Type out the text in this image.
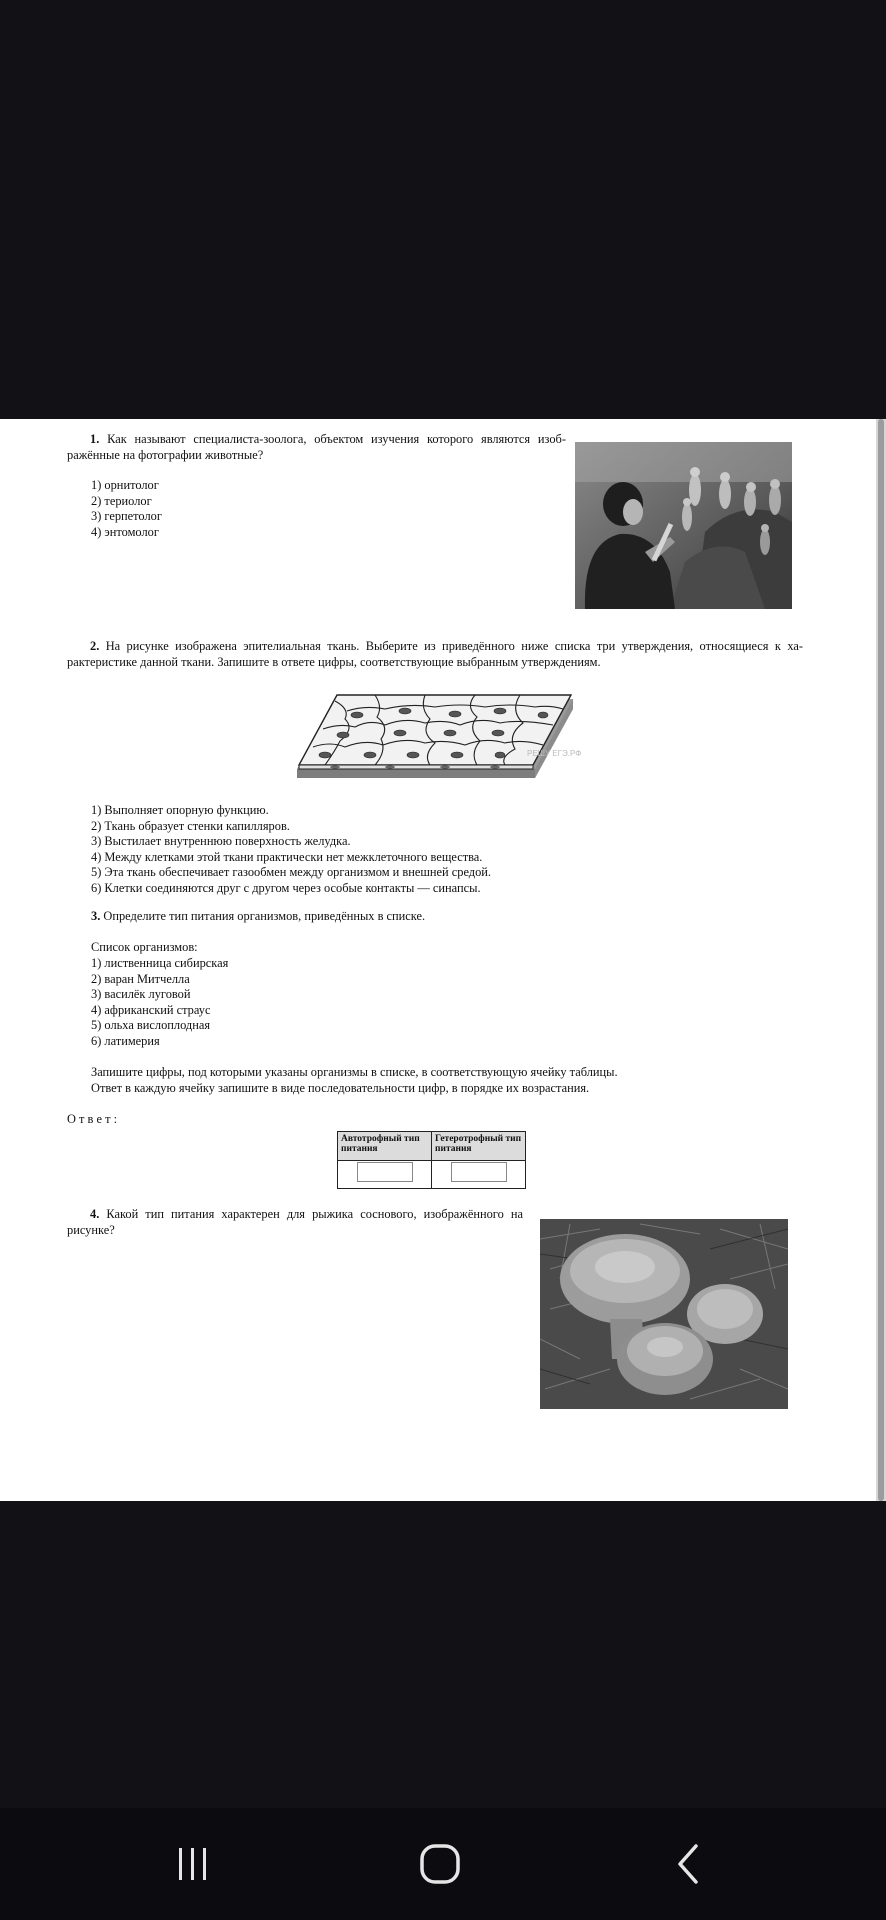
1. Как называют специалиста-зоолога, объектом изучения которого являются изоб-ражённые на фотографии животные?
1) орнитолог
2) териолог
3) герпетолог
4) энтомолог
2. На рисунке изображена эпителиальная ткань. Выберите из приведённого ниже списка три утверждения, относящиеся к ха-рактеристике данной ткани. Запишите в ответе цифры, соответствующие выбранным утверждениям.
РЕШУ ЕГЭ.РФ
1) Выполняет опорную функцию.
2) Ткань образует стенки капилляров.
3) Выстилает внутреннюю поверхность желудка.
4) Между клетками этой ткани практически нет межклеточного вещества.
5) Эта ткань обеспечивает газообмен между организмом и внешней средой.
6) Клетки соединяются друг с другом через особые контакты — синапсы.
3. Определите тип питания организмов, приведённых в списке.
Список организмов:
1) лиственница сибирская
2) варан Митчелла
3) василёк луговой
4) африканский страус
5) ольха вислоплодная
6) латимерия
Запишите цифры, под которыми указаны организмы в списке, в соответствующую ячейку таблицы.
Ответ в каждую ячейку запишите в виде последовательности цифр, в порядке их возрастания.
О т в е т :
4. Какой тип питания характерен для рыжика соснового, изображённого на рисунке?
Автотрофный тип питания	Гетеротрофный тип питания
